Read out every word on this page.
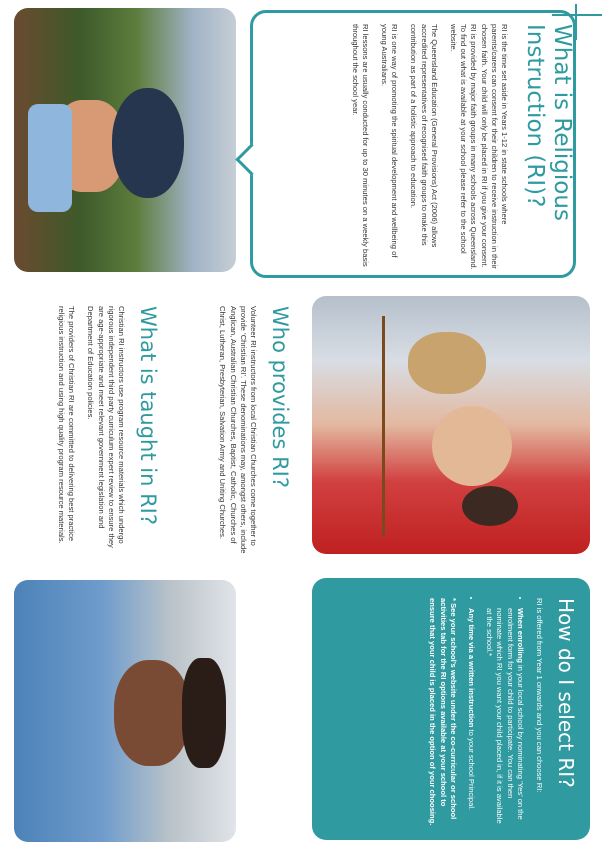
What is Religious Instruction (RI)?

RI is the time set aside in Years 1-12 in state schools where parents/carers can consent for their children to receive instruction in their chosen faith. Your child will only be placed in RI if you give your consent. RI is provided by major faith groups in many schools across Queensland. To find out what is available at your school please refer to the school website.

The Queensland Education (General Provisions) Act (2006) allows accredited representatives of recognised faith groups to make this contribution as part of a holistic approach to education.

RI is one way of promoting the spiritual development and wellbeing of young Australians.

RI lessons are usually conducted for up to 30 minutes on a weekly basis throughout the school year.

Who provides RI?

Volunteer RI instructors from local Christian Churches come together to provide ‘Christian RI’. These denominations may, amongst others, include Anglican, Australian Christian Churches, Baptist, Catholic, Churches of Christ, Lutheran, Presbyterian, Salvation Army and Uniting Churches.

What is taught in RI?

Christian RI instructors use program resource materials which undergo rigorous independent third party curriculum expert review to ensure they are age-appropriate and meet relevant government legislation and Department of Education policies.

The providers of Christian RI are committed to delivering best practice religious instruction and using high quality program resource materials.

How do I select RI?

RI is offered from Year 1 onwards and you can choose RI:

• When enrolling in your local school by nominating ‘Yes’ on the enrolment form for your child to participate. You can then nominate which RI you want your child placed in, if it is available at the school.*
• Any time via a written instruction to your school Principal.

* See your school’s website under the co-curricular or school activities tab for the RI options available at your school to ensure that your child is placed in the option of your choosing.
